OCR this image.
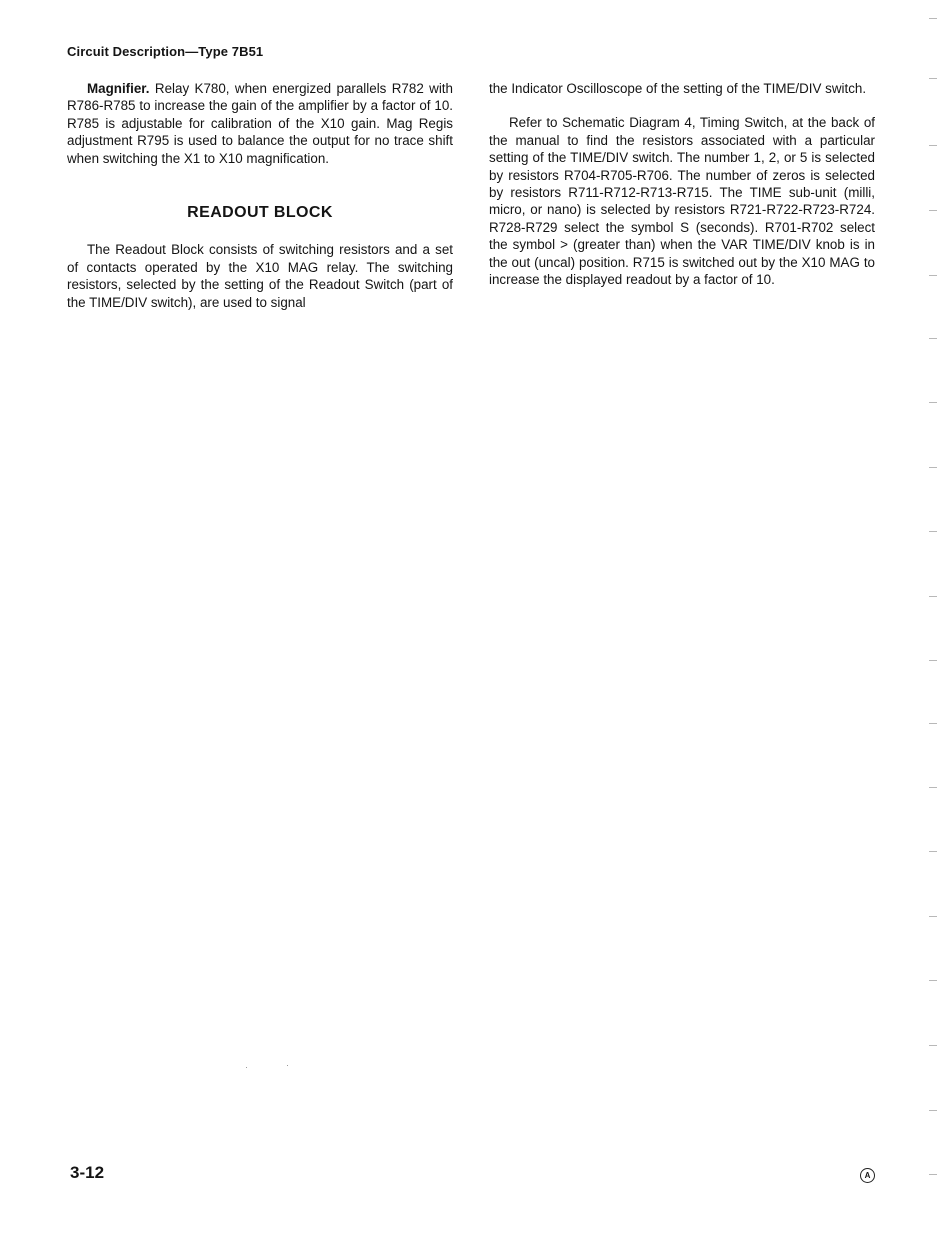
Circuit Description—Type 7B51

Magnifier. Relay K780, when energized parallels R782 with R786-R785 to increase the gain of the amplifier by a factor of 10. R785 is adjustable for calibration of the X10 gain. Mag Regis adjustment R795 is used to balance the output for no trace shift when switching the X1 to X10 magnification.

READOUT BLOCK

The Readout Block consists of switching resistors and a set of contacts operated by the X10 MAG relay. The switching resistors, selected by the setting of the Readout Switch (part of the TIME/DIV switch), are used to signal

the Indicator Oscilloscope of the setting of the TIME/DIV switch.

Refer to Schematic Diagram 4, Timing Switch, at the back of the manual to find the resistors associated with a particular setting of the TIME/DIV switch. The number 1, 2, or 5 is selected by resistors R704-R705-R706. The number of zeros is selected by resistors R711-R712-R713-R715. The TIME sub-unit (milli, micro, or nano) is selected by resistors R721-R722-R723-R724. R728-R729 select the symbol S (seconds). R701-R702 select the symbol > (greater than) when the VAR TIME/DIV knob is in the out (uncal) position. R715 is switched out by the X10 MAG to increase the displayed readout by a factor of 10.

3-12	A
